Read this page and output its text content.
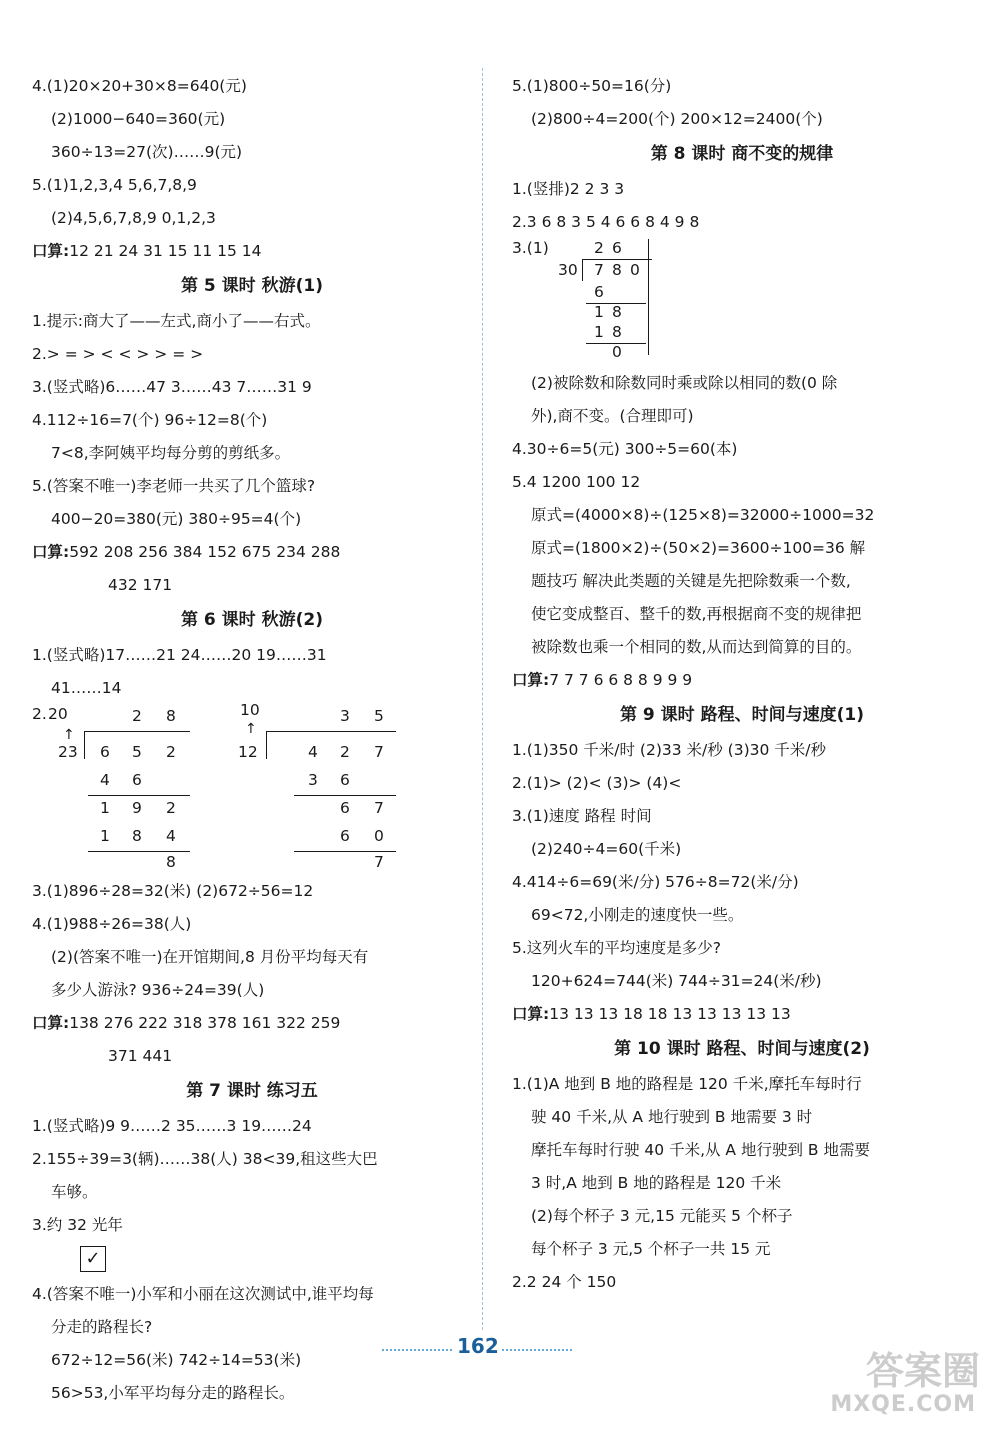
4.(1)20×20+30×8=640(元)
(2)1000−640=360(元)
360÷13=27(次)……9(元)
5.(1)1,2,3,4 5,6,7,8,9
(2)4,5,6,7,8,9 0,1,2,3
口算:12 21 24 31 15 11 15 14
第 5 课时 秋游(1)
1.提示:商大了——左式,商小了——右式。
2.> = > < < > > = >
3.(竖式略)6……47 3……43 7……31 9
4.112÷16=7(个) 96÷12=8(个)
7<8,李阿姨平均每分剪的剪纸多。
5.(答案不唯一)李老师一共买了几个篮球?
400−20=380(元) 380÷95=4(个)
口算:592 208 256 384 152 675 234 288
432 171
第 6 课时 秋游(2)
1.(竖式略)17……21 24……20 19……31
41……14
2. 20
↑
2 8
23 6 5 2
4 6
1 9 2
1 8 4
8
10
↑
3 5
12	4 2 7
3 6
6 7
6 0
7
3.(1)896÷28=32(米) (2)672÷56=12
4.(1)988÷26=38(人)
(2)(答案不唯一)在开馆期间,8 月份平均每天有
多少人游泳? 936÷24=39(人)
口算:138 276 222 318 378 161 322 259
371 441
第 7 课时 练习五
1.(竖式略)9 9……2 35……3 19……24
2.155÷39=3(辆)……38(人) 38<39,租这些大巴
车够。
3.约 32 光年
✓
4.(答案不唯一)小军和小丽在这次测试中,谁平均每
分走的路程长?
672÷12=56(米) 742÷14=53(米)
56>53,小军平均每分走的路程长。
5.(1)800÷50=16(分)
(2)800÷4=200(个) 200×12=2400(个)
第 8 课时 商不变的规律
1.(竖排)2 2 3 3
2.3 6 8 3 5 4 6 6 8 4 9 8
3.(1)	2 6
30 7 8 0
6
1 8
1 8
0
(2)被除数和除数同时乘或除以相同的数(0 除
外),商不变。(合理即可)
4.30÷6=5(元) 300÷5=60(本)
5.4 1200 100 12
原式=(4000×8)÷(125×8)=32000÷1000=32
原式=(1800×2)÷(50×2)=3600÷100=36 解
题技巧 解决此类题的关键是先把除数乘一个数,
使它变成整百、整千的数,再根据商不变的规律把
被除数也乘一个相同的数,从而达到简算的目的。
口算:7 7 7 6 6 8 8 9 9 9
第 9 课时 路程、时间与速度(1)
1.(1)350 千米/时 (2)33 米/秒 (3)30 千米/秒
2.(1)> (2)< (3)> (4)<
3.(1)速度 路程 时间
(2)240÷4=60(千米)
4.414÷6=69(米/分) 576÷8=72(米/分)
69<72,小刚走的速度快一些。
5.这列火车的平均速度是多少?
120+624=744(米) 744÷31=24(米/秒)
口算:13 13 13 18 18 13 13 13 13 13
第 10 课时 路程、时间与速度(2)
1.(1)A 地到 B 地的路程是 120 千米,摩托车每时行
驶 40 千米,从 A 地行驶到 B 地需要 3 时
摩托车每时行驶 40 千米,从 A 地行驶到 B 地需要
3 时,A 地到 B 地的路程是 120 千米
(2)每个杯子 3 元,15 元能买 5 个杯子
每个杯子 3 元,5 个杯子一共 15 元
2.2 24 个 150
162
答案圈
MXQE.COM
